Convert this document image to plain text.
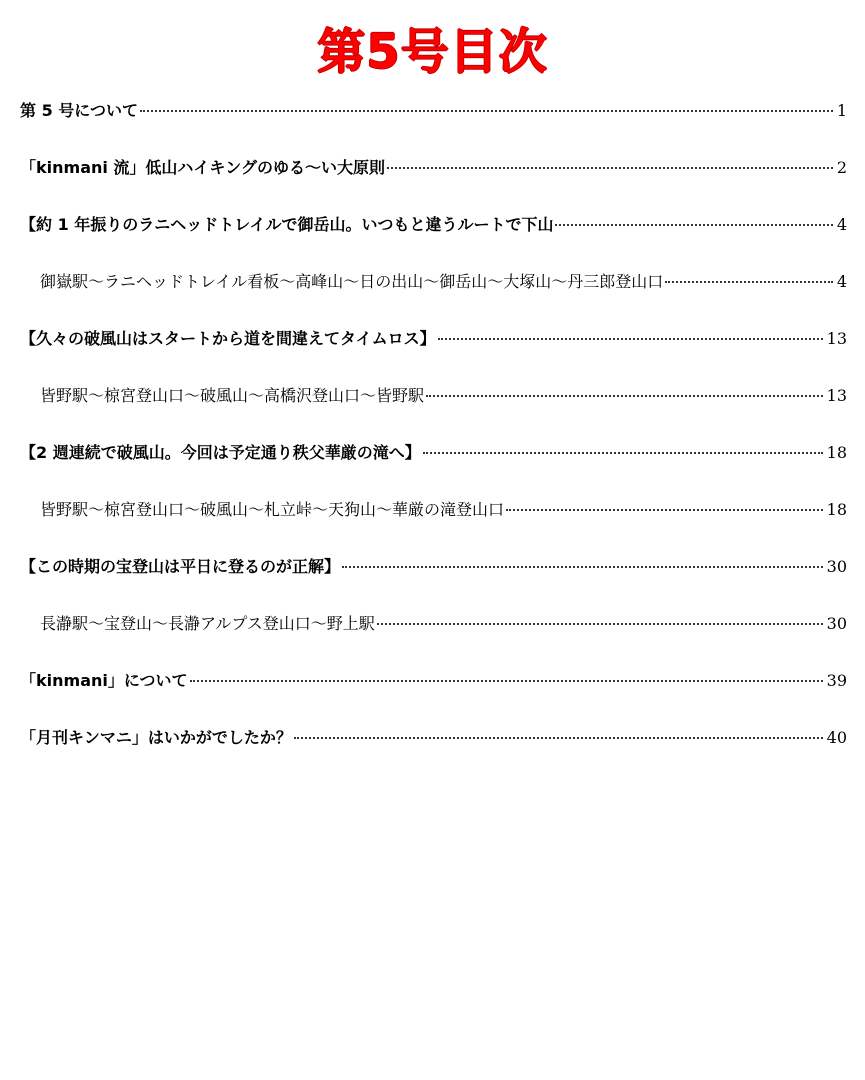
第5号目次
第 5 号について	1
「kinmani 流」低山ハイキングのゆる〜い大原則	2
【約 1 年振りのラニヘッドトレイルで御岳山。いつもと違うルートで下山	4
御嶽駅〜ラニヘッドトレイル看板〜高峰山〜日の出山〜御岳山〜大塚山〜丹三郎登山口	4
【久々の破風山はスタートから道を間違えてタイムロス】	13
皆野駅〜椋宮登山口〜破風山〜高橋沢登山口〜皆野駅	13
【2 週連続で破風山。今回は予定通り秩父華厳の滝へ】	18
皆野駅〜椋宮登山口〜破風山〜札立峠〜天狗山〜華厳の滝登山口	18
【この時期の宝登山は平日に登るのが正解】	30
長瀞駅〜宝登山〜長瀞アルプス登山口〜野上駅	30
「kinmani」について	39
「月刊キンマニ」はいかがでしたか？	40
